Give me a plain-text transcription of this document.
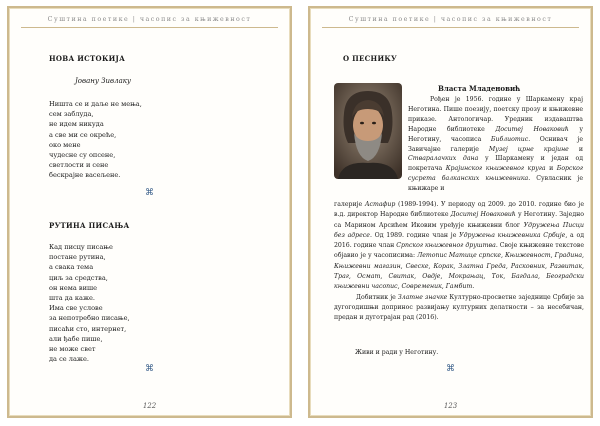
Суштина поетике | часопис за књижевност
НОВА ИСТОКИЈА
Јовану Зивлаку
Ништа се и даље не мења,
сем заблуда,
не идем никуда
а све ми се окреће,
око мене
чудесне су опсене,
светлости и сене
бескрајне васељене.
⌘
РУТИНА ПИСАЊА
Кад писцу писање
постане рутина,
а свака тема
циљ за средства,
он нема више
шта да каже.
Има све услове
за непотребно писање,
писаћи сто, интернет,
али ђабе пише,
не може свет
да се лаже.
⌘
122
Суштина поетике | часопис за књижевност
О ПЕСНИКУ
Власта Младеновић
Рођен је 1956. године у Шаркамену крај Неготина. Пише поезију, поетску прозу и књижевне приказе. Антологичар. Уредник издаваштва Народне библиотеке Доситеј Новаковић у Неготину, часописа Библиотис. Оснивач је Завичајне галерије Музеј црне крајине и Стваралачких дана у Шаркамену и један од покретача Крајинског књижевног круга и Борског сусрета балканских књижевника. Сувласник је књижаре и
галерије Астафир (1989-1994). У периоду од 2009. до 2010. године био је в.д. директор Народне библиотеке Доситеј Новаковић у Неготину. Заједно са Марином Арсићем Иковим уређује књижевни блог Удружења Писци без адресе. Од 1989. године члан је Удружења књижевника Србије, а од 2016. године члан Српског књижевног друштва. Своје књижевне текстове објавио је у часописима: Летопис Матице српске, Књижевност, Градина, Књижевни магазин, Свеске, Корак, Златна Греда, Расковник, Развитак, Траг, Осмат, Свитак, Овдје, Мокрањац, Ток, Багдала, Београдски књижевни часопис, Современик, Гамбит.
Добитник је Златне значке Културно-просветне заједнице Србије за дугогодишњи допринос развијању културних делатности – за несебичан, предан и дуготрајан рад (2016).
Живи и ради у Неготину.
⌘
123
